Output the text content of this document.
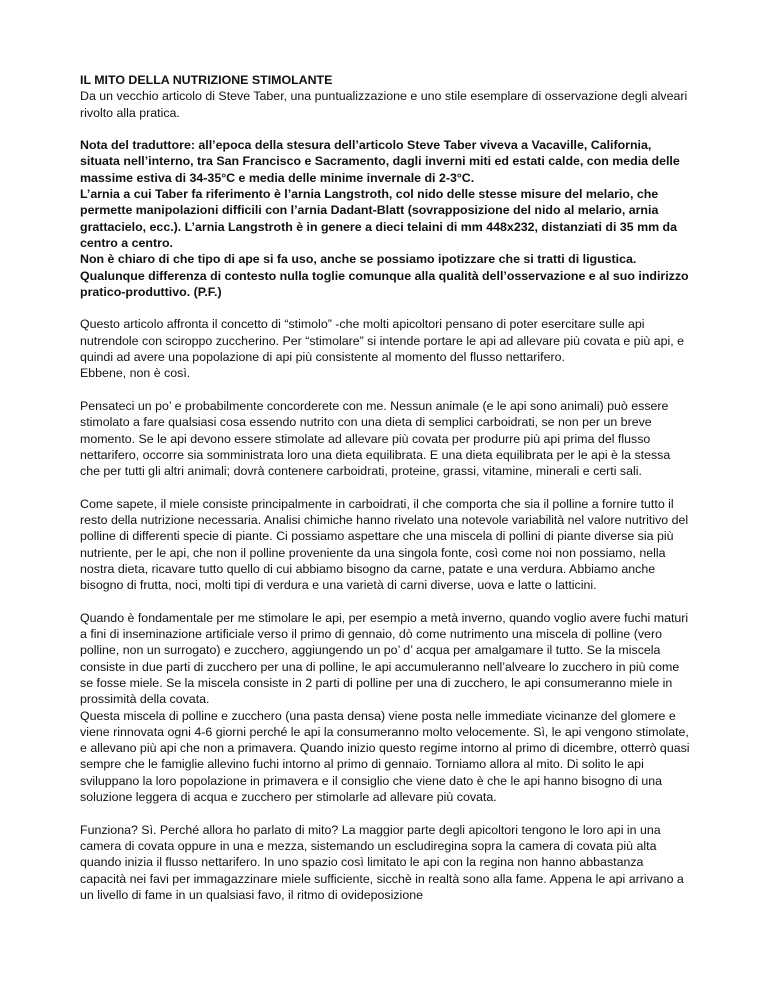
IL MITO DELLA NUTRIZIONE STIMOLANTE
Da un vecchio articolo di Steve Taber, una puntualizzazione e uno stile esemplare di osservazione degli alveari rivolto alla pratica.

Nota del traduttore: all’epoca della stesura dell’articolo Steve Taber viveva a Vacaville, California, situata nell’interno, tra San Francisco e Sacramento, dagli inverni miti ed estati calde, con media delle massime estiva di 34-35°C e media delle minime invernale di 2-3°C.
L’arnia a cui Taber fa riferimento è l’arnia Langstroth, col nido delle stesse misure del melario, che permette manipolazioni difficili con l’arnia Dadant-Blatt (sovrapposizione del nido al melario, arnia grattacielo, ecc.). L’arnia Langstroth è in genere a dieci telaini di mm 448x232, distanziati di 35 mm da centro a centro.
Non è chiaro di che tipo di ape si fa uso, anche se possiamo ipotizzare che si tratti di ligustica.
Qualunque differenza di contesto nulla toglie comunque alla qualità dell’osservazione e al suo indirizzo pratico-produttivo. (P.F.)

Questo articolo affronta il concetto di “stimolo” -che molti apicoltori pensano di poter esercitare sulle api nutrendole con sciroppo zuccherino. Per “stimolare” si intende portare le api ad allevare più covata e più api, e quindi ad avere una popolazione di api più consistente al momento del flusso nettarifero.
Ebbene, non è così.

Pensateci un po’ e probabilmente concorderete con me. Nessun animale (e le api sono animali) può essere stimolato a fare qualsiasi cosa essendo nutrito con una dieta di semplici carboidrati, se non per un breve momento. Se le api devono essere stimolate ad allevare più covata per produrre più api prima del flusso nettarifero, occorre sia somministrata loro una dieta equilibrata. E una dieta equilibrata per le api è la stessa che per tutti gli altri animali; dovrà contenere carboidrati, proteine, grassi, vitamine, minerali e certi sali.

Come sapete, il miele consiste principalmente in carboidrati, il che comporta che sia il polline a fornire tutto il resto della nutrizione necessaria. Analisi chimiche hanno rivelato una notevole variabilità nel valore nutritivo del polline di differenti specie di piante. Ci possiamo aspettare che una miscela di pollini di piante diverse sia più nutriente, per le api, che non il polline proveniente da una singola fonte, così come noi non possiamo, nella nostra dieta, ricavare tutto quello di cui abbiamo bisogno da carne, patate e una verdura. Abbiamo anche bisogno di frutta, noci, molti tipi di verdura e una varietà di carni diverse, uova e latte o latticini.

Quando è fondamentale per me stimolare le api, per esempio a metà inverno, quando voglio avere fuchi maturi a fini di inseminazione artificiale verso il primo di gennaio, dò come nutrimento una miscela di polline (vero polline, non un surrogato) e zucchero, aggiungendo un po’ d’ acqua per amalgamare il tutto. Se la miscela consiste in due parti di zucchero per una di polline, le api accumuleranno nell’alveare lo zucchero in più come se fosse miele. Se la miscela consiste in 2 parti di polline per una di zucchero, le api consumeranno miele in prossimità della covata.
Questa miscela di polline e zucchero (una pasta densa) viene posta nelle immediate vicinanze del glomere e viene rinnovata ogni 4-6 giorni perché le api la consumeranno molto velocemente. Sì, le api vengono stimolate, e allevano più api che non a primavera. Quando inizio questo regime intorno al primo di dicembre, otterrò quasi sempre che le famiglie allevino fuchi intorno al primo di gennaio. Torniamo allora al mito. Di solito le api sviluppano la loro popolazione in primavera e il consiglio che viene dato è che le api hanno bisogno di una soluzione leggera di acqua e zucchero per stimolarle ad allevare più covata.

Funziona? Sì. Perché allora ho parlato di mito? La maggior parte degli apicoltori tengono le loro api in una camera di covata oppure in una e mezza, sistemando un escludiregina sopra la camera di covata più alta quando inizia il flusso nettarifero. In uno spazio così limitato le api con la regina non hanno abbastanza capacità nei favi per immagazzinare miele sufficiente, sicchè in realtà sono alla fame. Appena le api arrivano a un livello di fame in un qualsiasi favo, il ritmo di ovideposizione
